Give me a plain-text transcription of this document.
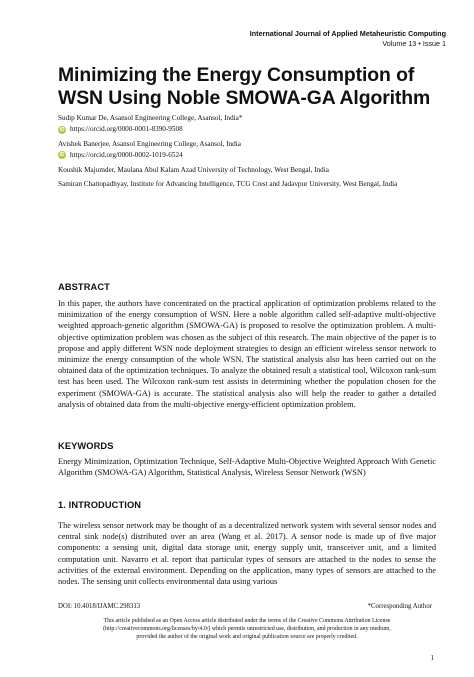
International Journal of Applied Metaheuristic Computing
Volume 13 • Issue 1
Minimizing the Energy Consumption of
WSN Using Noble SMOWA-GA Algorithm
Sudip Kumar De, Asansol Engineering College, Asansol, India*
iD https://orcid.org/0000-0001-8390-9508
Avishek Banerjee, Asansol Engineering College, Asansol, India
iD https://orcid.org/0000-0002-1019-6524
Koushik Majumder, Maulana Abul Kalam Azad University of Technology, West Bengal, India
Samiran Chattopadhyay, Institute for Advancing Intelligence, TCG Crest and Jadavpur University, West Bengal, India
ABSTRACT
In this paper, the authors have concentrated on the practical application of optimization problems related to the minimization of the energy consumption of WSN. Here a noble algorithm called self-adaptive multi-objective weighted approach-genetic algorithm (SMOWA-GA) is proposed to resolve the optimization problem. A multi-objective optimization problem was chosen as the subject of this research. The main objective of the paper is to propose and apply different WSN node deployment strategies to design an efficient wireless sensor network to minimize the energy consumption of the whole WSN. The statistical analysis also has been carried out on the obtained data of the optimization techniques. To analyze the obtained result a statistical tool, Wilcoxon rank-sum test has been used. The Wilcoxon rank-sum test assists in determining whether the population chosen for the experiment (SMOWA-GA) is accurate. The statistical analysis also will help the reader to gather a detailed analysis of obtained data from the multi-objective energy-efficient optimization problem.
KEYWORDS
Energy Minimization, Optimization Technique, Self-Adaptive Multi-Objective Weighted Approach With Genetic Algorithm (SMOWA-GA) Algorithm, Statistical Analysis, Wireless Sensor Network (WSN)
1. INTRODUCTION
The wireless sensor network may be thought of as a decentralized network system with several sensor nodes and central sink node(s) distributed over an area (Wang et al. 2017). A sensor node is made up of five major components: a sensing unit, digital data storage unit, energy supply unit, transceiver unit, and a limited computation unit. Navarro et al. report that particular types of sensors are attached to the nodes to sense the activities of the external environment. Depending on the application, many types of sensors are attached to the nodes. The sensing unit collects environmental data using various
DOI: 10.4018/IJAMC.298313	*Corresponding Author
This article published as an Open Access article distributed under the terms of the Creative Commons Attribution License
(http://creativecommons.org/licenses/by/4.0/) which permits unrestricted use, distribution, and production in any medium,
provided the author of the original work and original publication source are properly credited.
1
